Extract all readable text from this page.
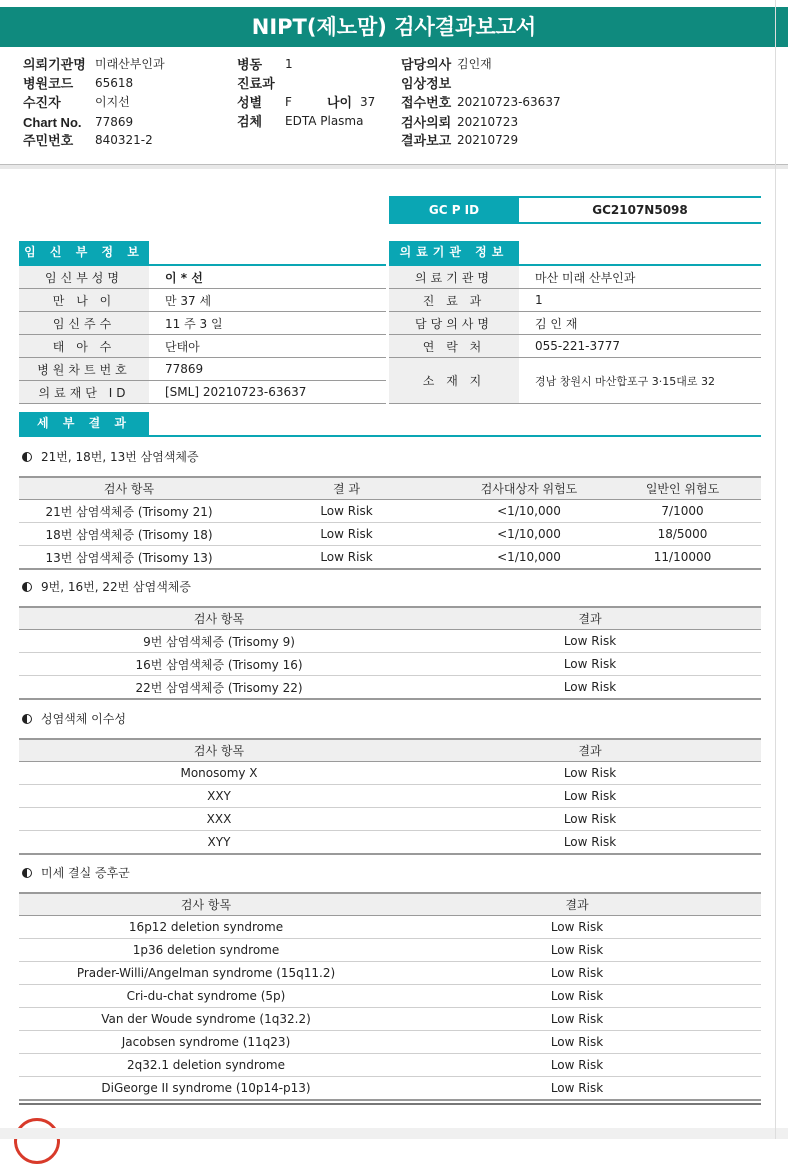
NIPT(제노맘) 검사결과보고서
의뢰기관명 미래산부인과
병원코드 65618
수진자	이지선
Chart No. 77869
주민번호 840321-2
병동 1
진료과
성별 F	나이 37
검체 EDTA Plasma
담당의사 김인재
임상정보
접수번호 20210723-63637
검사의뢰 20210723
결과보고 20210729
GC P ID	GC2107N5098
임 신 부 정 보
임신부성명	이 * 선
만 나 이	만 37 세
임신주수	11 주 3 일
태 아 수	단태아
병원차트번호	77869
의료재단 ID	[SML] 20210723-63637
의료기관 정보
의료기관명	마산 미래 산부인과
진 료 과	1
담당의사명	김 인 재
연 락 처	055-221-3777
소 재 지	경남 창원시 마산합포구 3·15대로 32
세 부 결 과
21번, 18번, 13번 삼염색체증
검사 항목	결 과	검사대상자 위험도	일반인 위험도
21번 삼염색체증 (Trisomy 21)	Low Risk	<1/10,000	7/1000
18번 삼염색체증 (Trisomy 18)	Low Risk	<1/10,000	18/5000
13번 삼염색체증 (Trisomy 13)	Low Risk	<1/10,000	11/10000
9번, 16번, 22번 삼염색체증
검사 항목	결과
9번 삼염색체증 (Trisomy 9)	Low Risk
16번 삼염색체증 (Trisomy 16)	Low Risk
22번 삼염색체증 (Trisomy 22)	Low Risk
성염색체 이수성
검사 항목	결과
Monosomy X	Low Risk
XXY	Low Risk
XXX	Low Risk
XYY	Low Risk
미세 결실 증후군
검사 항목	결과
16p12 deletion syndrome	Low Risk
1p36 deletion syndrome	Low Risk
Prader-Willi/Angelman syndrome (15q11.2)	Low Risk
Cri-du-chat syndrome (5p)	Low Risk
Van der Woude syndrome (1q32.2)	Low Risk
Jacobsen syndrome (11q23)	Low Risk
2q32.1 deletion syndrome	Low Risk
DiGeorge II syndrome (10p14-p13)	Low Risk
